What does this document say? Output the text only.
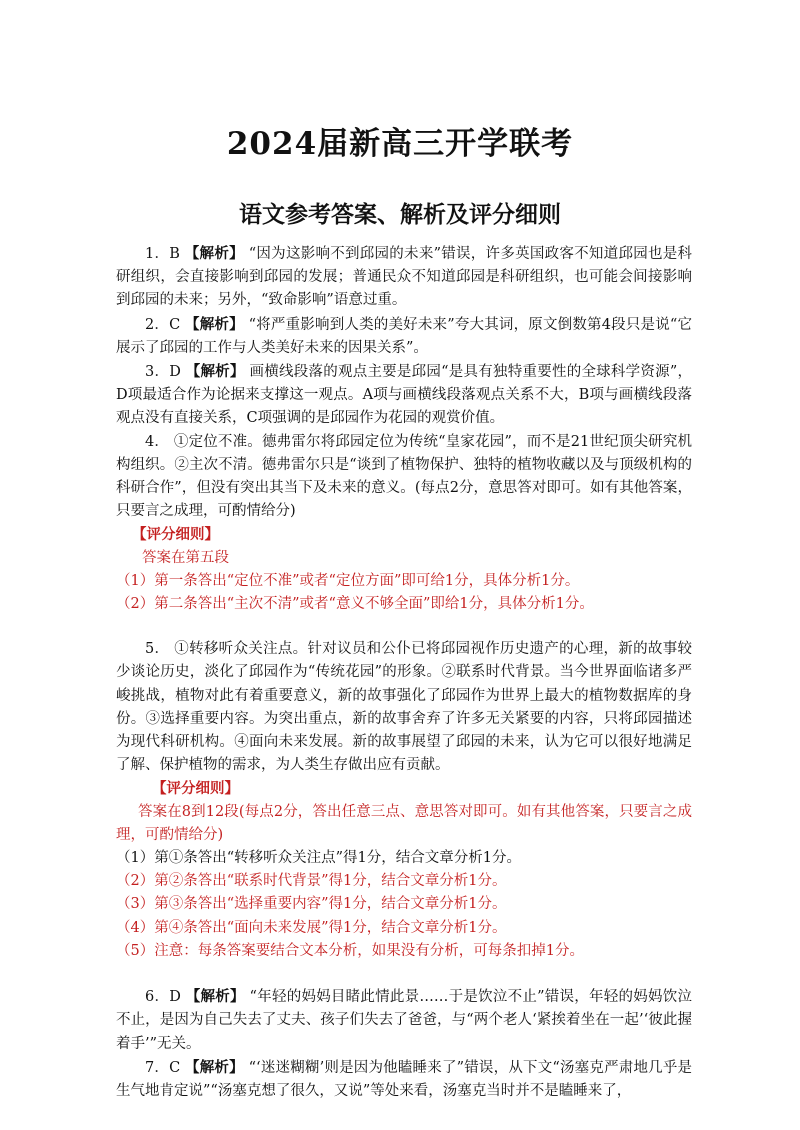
2024届新高三开学联考
语文参考答案、解析及评分细则

1．B 【解析】 “因为这影响不到邱园的未来”错误，许多英国政客不知道邱园也是科研组织，会直接影响到邱园的发展；普通民众不知道邱园是科研组织，也可能会间接影响到邱园的未来；另外，“致命影响”语意过重。

2．C 【解析】 “将严重影响到人类的美好未来”夸大其词，原文倒数第4段只是说“它展示了邱园的工作与人类美好未来的因果关系”。

3．D 【解析】 画横线段落的观点主要是邱园“是具有独特重要性的全球科学资源”，D项最适合作为论据来支撑这一观点。A项与画横线段落观点关系不大，B项与画横线段落观点没有直接关系，C项强调的是邱园作为花园的观赏价值。

4． ①定位不准。德弗雷尔将邱园定位为传统“皇家花园”，而不是21世纪顶尖研究机构组织。②主次不清。德弗雷尔只是“谈到了植物保护、独特的植物收藏以及与顶级机构的科研合作”，但没有突出其当下及未来的意义。(每点2分，意思答对即可。如有其他答案，只要言之成理，可酌情给分)

【评分细则】

答案在第五段

（1）第一条答出“定位不准”或者“定位方面”即可给1分，具体分析1分。

（2）第二条答出“主次不清”或者“意义不够全面”即给1分，具体分析1分。

5． ①转移听众关注点。针对议员和公仆已将邱园视作历史遗产的心理，新的故事较少谈论历史，淡化了邱园作为“传统花园”的形象。②联系时代背景。当今世界面临诸多严峻挑战，植物对此有着重要意义，新的故事强化了邱园作为世界上最大的植物数据库的身份。③选择重要内容。为突出重点，新的故事舍弃了许多无关紧要的内容，只将邱园描述为现代科研机构。④面向未来发展。新的故事展望了邱园的未来，认为它可以很好地满足了解、保护植物的需求，为人类生存做出应有贡献。

【评分细则】

答案在8到12段(每点2分，答出任意三点、意思答对即可。如有其他答案，只要言之成理，可酌情给分)

（1）第①条答出“转移听众关注点”得1分，结合文章分析1分。

（2）第②条答出“联系时代背景”得1分，结合文章分析1分。

（3）第③条答出“选择重要内容”得1分，结合文章分析1分。

（4）第④条答出“面向未来发展”得1分，结合文章分析1分。

（5）注意：每条答案要结合文本分析，如果没有分析，可每条扣掉1分。

6．D 【解析】 “年轻的妈妈目睹此情此景……于是饮泣不止”错误，年轻的妈妈饮泣不止，是因为自己失去了丈夫、孩子们失去了爸爸，与“两个老人‘紧挨着坐在一起’‘彼此握着手’”无关。

7．C 【解析】 “‘迷迷糊糊’则是因为他瞌睡来了”错误，从下文“汤塞克严肃地几乎是生气地肯定说”“汤塞克想了很久，又说”等处来看，汤塞克当时并不是瞌睡来了，
